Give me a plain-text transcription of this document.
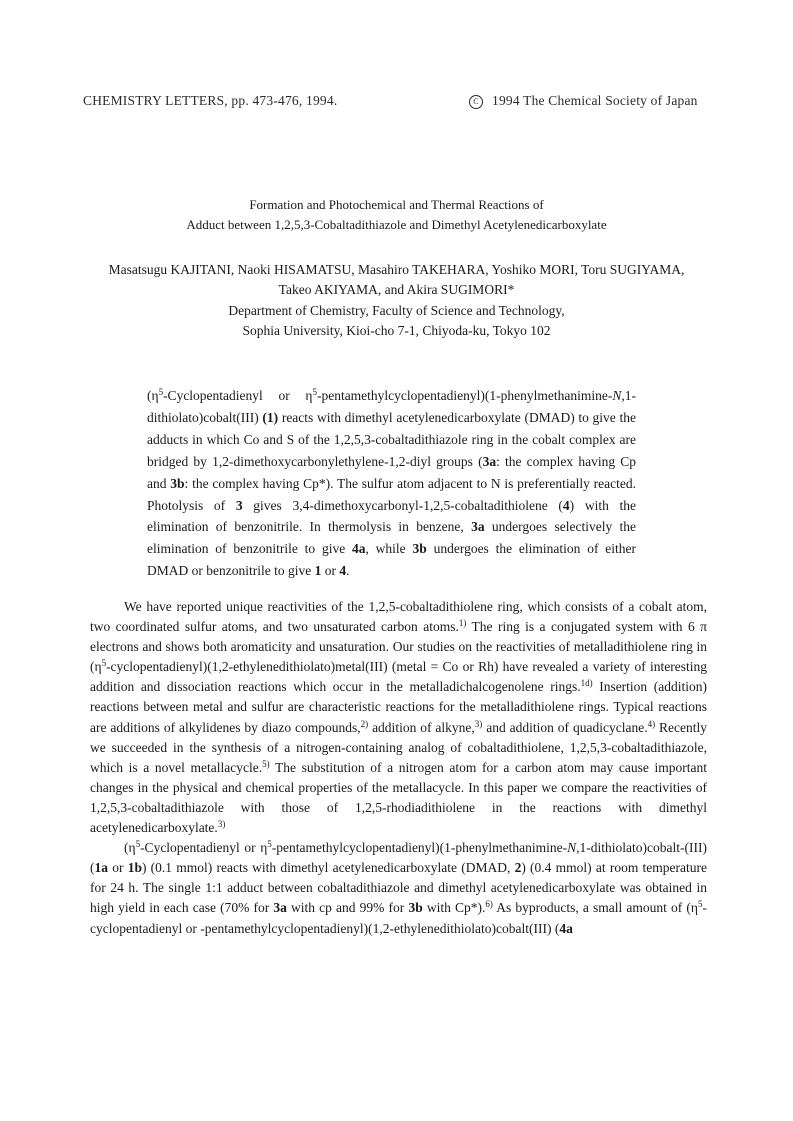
CHEMISTRY LETTERS, pp. 473-476, 1994.	C 1994 The Chemical Society of Japan
Formation and Photochemical and Thermal Reactions of
Adduct between 1,2,5,3-Cobaltadithiazole and Dimethyl Acetylenedicarboxylate
Masatsugu KAJITANI, Naoki HISAMATSU, Masahiro TAKEHARA, Yoshiko MORI, Toru SUGIYAMA,
Takeo AKIYAMA, and Akira SUGIMORI*
Department of Chemistry, Faculty of Science and Technology,
Sophia University, Kioi-cho 7-1, Chiyoda-ku, Tokyo 102

($\eta^5$-Cyclopentadienyl or $\eta^5-pentamethylcyclopentadienyl)(1-phenylmethanimine-N,1-dithiolato)cobalt(III)$ (1) reacts with dimethyl acetylenedicarboxylate (DMAD) to give the adducts in which Co and S of the 1,2,5,3-cobaltadithiazole ring in the cobalt complex are bridged by 1,2-dimethoxycarbonylethylene-1,2-diyl groups (3a: the complex having Cp and 3b: the complex having Cp*). The sulfur atom adjacent to N is preferentially reacted. Photolysis of 3 gives 3,4-dimethoxycarbonyl-1,2,5-cobaltadithiolene (4) with the elimination of benzonitrile. In thermolysis in benzene, 3a undergoes selectively the elimination of benzonitrile to give 4a, while 3b undergoes the elimination of either DMAD or benzonitrile to give 1 or 4.

We have reported unique reactivities of the 1,2,5-cobaltadithiolene ring, which consists of a cobalt atom, two coordinated sulfur atoms, and two unsaturated carbon atoms.$^{1)}$ The ring is a conjugated system with 6 π electrons and shows both aromaticity and unsaturation. Our studies on the reactivities of metalladithiolene ring in $(\eta^5-cyclopentadienyl)(1,2-ethylenedithiolato)metal(III)$ (metal = Co or Rh) have revealed a variety of interesting addition and dissociation reactions which occur in the metalladichalcogenolene rings.$^{1d)}$ Insertion (addition) reactions between metal and sulfur are characteristic reactions for the metalladithiolene rings. Typical reactions are additions of alkylidenes by diazo compounds,$^{2)}$ addition of alkyne,$^{3)}$ and addition of quadicyclane.$^{4)}$ Recently we succeeded in the synthesis of a nitrogen-containing analog of cobaltadithiolene, 1,2,5,3-cobaltadithiazole, which is a novel metallacycle.$^{5)}$ The substitution of a nitrogen atom for a carbon atom may cause important changes in the physical and chemical properties of the metallacycle. In this paper we compare the reactivities of 1,2,5,3-cobaltadithiazole with those of 1,2,5-rhodiadithiolene in the reactions with dimethyl acetylenedicarboxylate.$^{3)}$

($\eta^5$-Cyclopentadienyl or $\eta^5-pentamethylcyclopentadienyl)(1-phenylmethanimine-N,1-dithiolato)cobalt-(III)$ (1a or 1b) (0.1 mmol) reacts with dimethyl acetylenedicarboxylate (DMAD, 2) (0.4 mmol) at room temperature for 24 h. The single 1:1 adduct between cobaltadithiazole and dimethyl acetylenedicarboxylate was obtained in high yield in each case (70% for 3a with cp and 99% for 3b with Cp*).$^{6)}$ As byproducts, a small amount of ($\eta^5$-cyclopentadienyl or -pentamethylcyclopentadienyl)(1,2-ethylenedithiolato)cobalt(III) (4a
